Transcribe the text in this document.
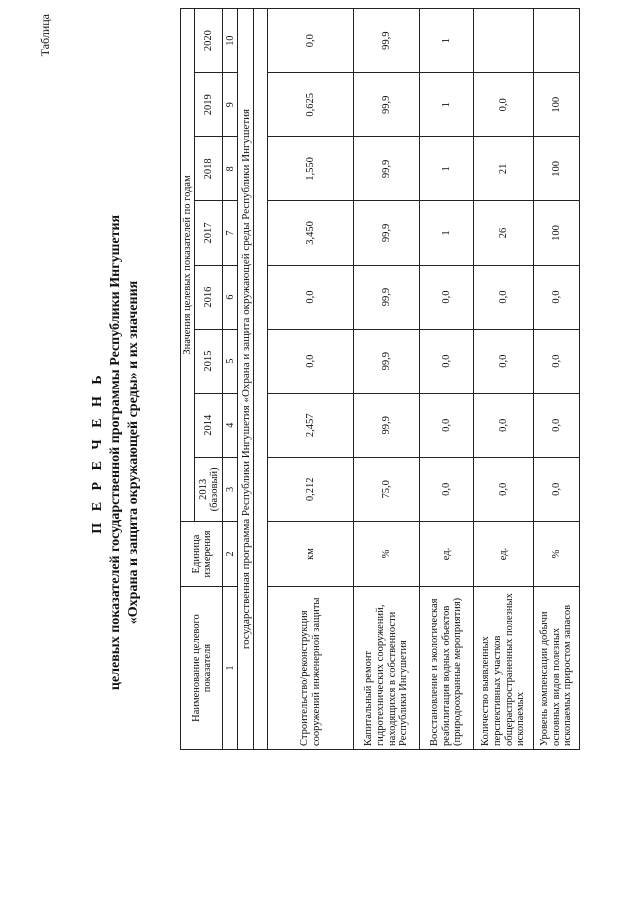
Таблица
П Е Р Е Ч Е Н Ь целевых показателей государственной программы Республики Ингушетия «Охрана и защита окружающей среды» и их значения
Наименование целевого показателя	Единица измерения	Значения целевых показателей по годам							
		2013 (базовый)	2014	2015	2016	2017	2018	2019	2020
1	2	3	4	5	6	7	8	9	10
государственная программа Республики Ингушетия «Охрана и защита окружающей среды Республики Ингушетия									

Строительство/реконструкция сооружений инженерной защиты	км	0,212	2,457	0,0	0,0	3,450	1,550	0,625	0,0
Капитальный ремонт гидротехнических сооружений, находящихся в собственности Республики Ингушетия	%	75,0	99,9	99,9	99,9	99,9	99,9	99,9	99,9
Восстановление и экологическая реабилитация водных объектов (природоохранные мероприятия)	ед.	0,0	0,0	0,0	0,0	1	1	1	1
Количество выявленных перспективных участков общераспространенных полезных ископаемых	ед.	0,0	0,0	0,0	0,0	26	21	0,0	
Уровень компенсации добычи основных видов полезных ископаемых приростом запасов	%	0,0	0,0	0,0	0,0	100	100	100	
